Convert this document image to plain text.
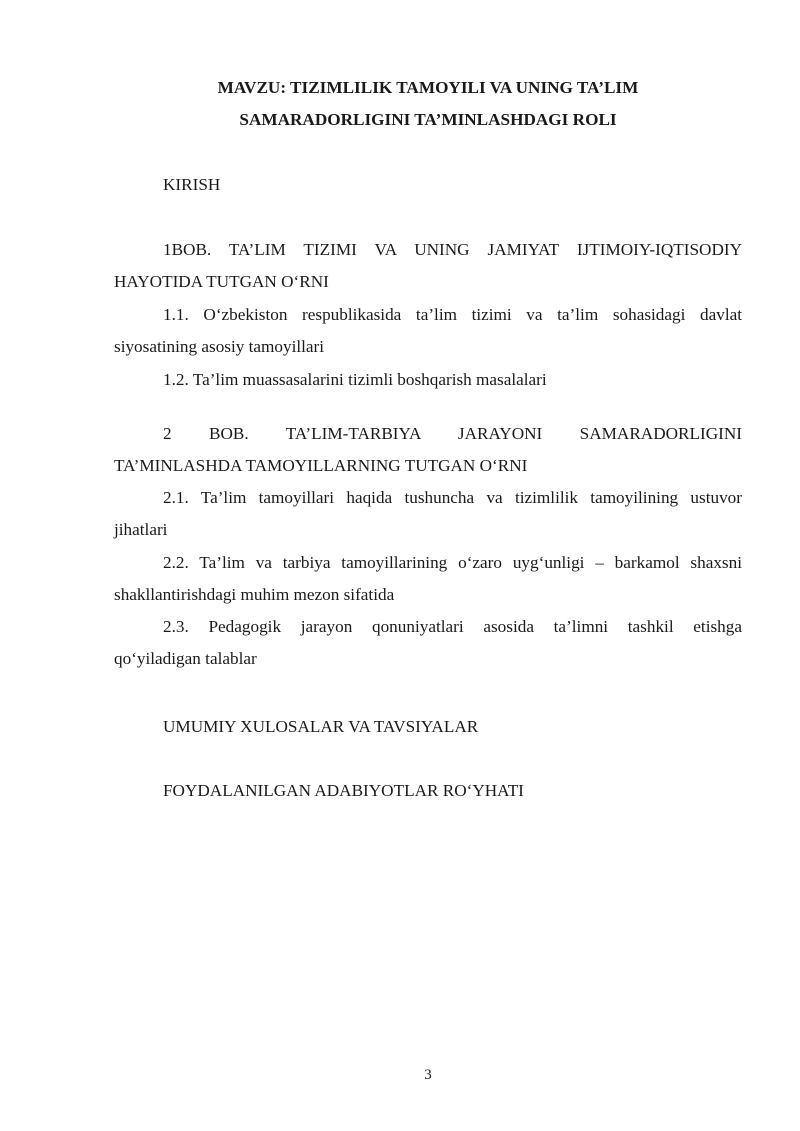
MAVZU: TIZIMLILIK TAMOYILI VA UNING TA’LIM
SAMARADORLIGINI TA’MINLASHDAGI ROLI
KIRISH
1BOB. TA’LIM TIZIMI VA UNING JAMIYAT IJTIMOIY-IQTISODIY
HAYOTIDA TUTGAN O‘RNI
1.1. O‘zbekiston respublikasida ta’lim tizimi va ta’lim sohasidagi davlat
siyosatining asosiy tamoyillari
1.2. Ta’lim muassasalarini tizimli boshqarish masalalari
2 BOB. TA’LIM-TARBIYA JARAYONI SAMARADORLIGINI
TA’MINLASHDA TAMOYILLARNING TUTGAN O‘RNI
2.1. Ta’lim tamoyillari haqida tushuncha va tizimlilik tamoyilining ustuvor
jihatlari
2.2. Ta’lim va tarbiya tamoyillarining o‘zaro uyg‘unligi – barkamol shaxsni
shakllantirishdagi muhim mezon sifatida
2.3. Pedagogik jarayon qonuniyatlari asosida ta’limni tashkil etishga
qo‘yiladigan talablar
UMUMIY XULOSALAR VA TAVSIYALAR
FOYDALANILGAN ADABIYOTLAR RO‘YHATI
3
